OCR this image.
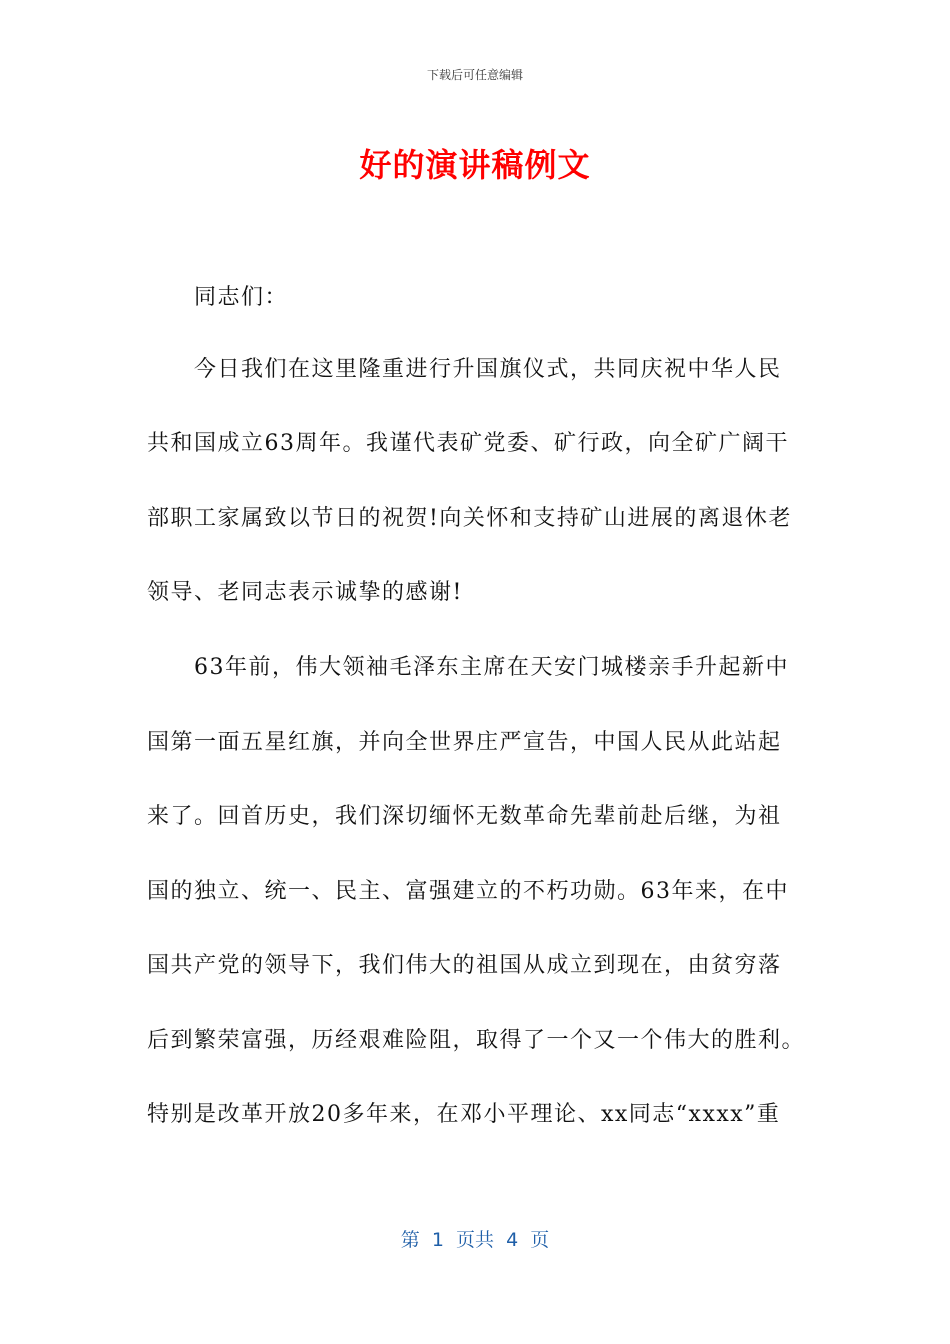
下载后可任意编辑
好的演讲稿例文
　　同志们：
　　今日我们在这里隆重进行升国旗仪式，共同庆祝中华人民
共和国成立63周年。我谨代表矿党委、矿行政，向全矿广阔干
部职工家属致以节日的祝贺!向关怀和支持矿山进展的离退休老
领导、老同志表示诚挚的感谢!
　　63年前，伟大领袖毛泽东主席在天安门城楼亲手升起新中
国第一面五星红旗，并向全世界庄严宣告，中国人民从此站起
来了。回首历史，我们深切缅怀无数革命先辈前赴后继，为祖
国的独立、统一、民主、富强建立的不朽功勋。63年来，在中
国共产党的领导下，我们伟大的祖国从成立到现在，由贫穷落
后到繁荣富强，历经艰难险阻，取得了一个又一个伟大的胜利。
特别是改革开放20多年来，在邓小平理论、xx同志“xxxx”重
第  1  页共  4  页
